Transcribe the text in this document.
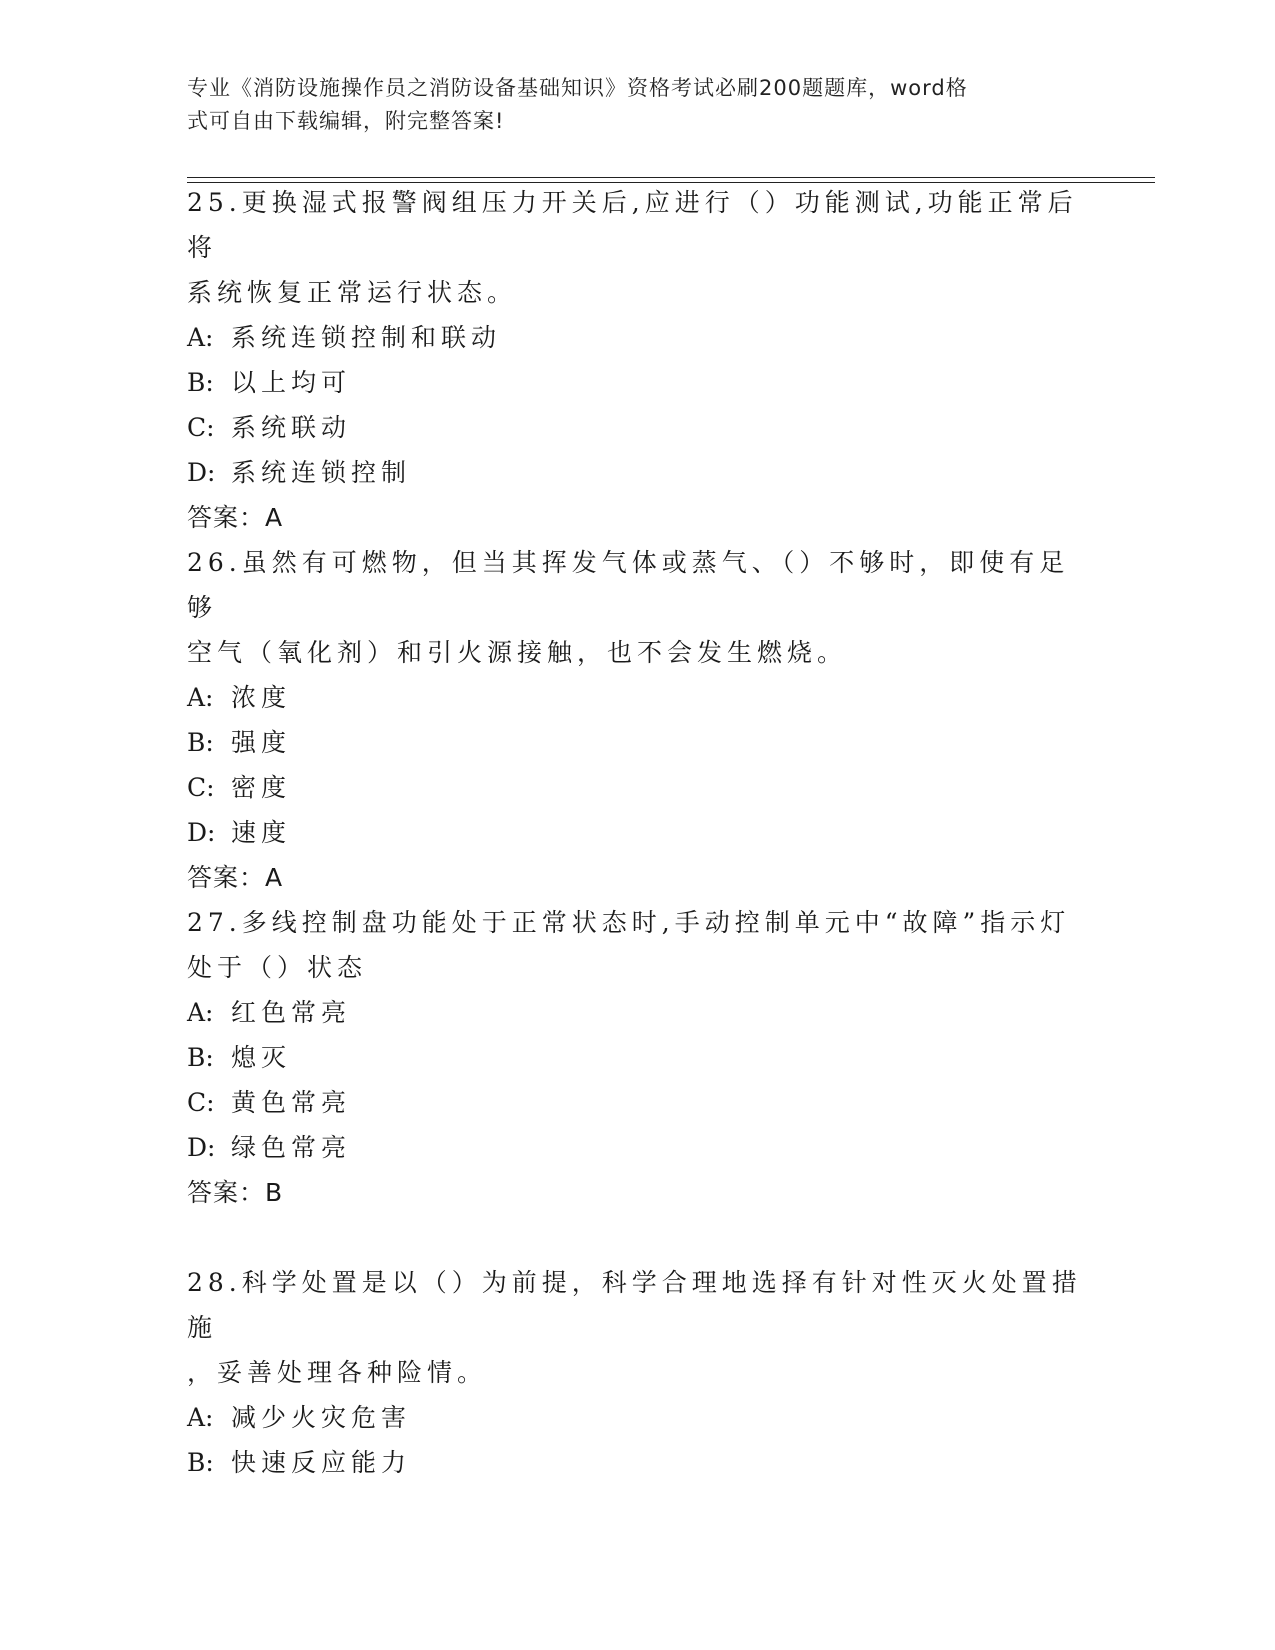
专业《消防设施操作员之消防设备基础知识》资格考试必刷200题题库，word格
式可自由下载编辑，附完整答案!

25.更换湿式报警阀组压力开关后,应进行（）功能测试,功能正常后将

系统恢复正常运行状态。

A: 系统连锁控制和联动

B: 以上均可

C: 系统联动

D: 系统连锁控制

答案：A

26.虽然有可燃物，但当其挥发气体或蒸气、（）不够时，即使有足够

空气（氧化剂）和引火源接触，也不会发生燃烧。

A: 浓度

B: 强度

C: 密度

D: 速度

答案：A

27.多线控制盘功能处于正常状态时,手动控制单元中“故障”指示灯

处于（）状态

A: 红色常亮

B: 熄灭

C: 黄色常亮

D: 绿色常亮

答案：B

28.科学处置是以（）为前提，科学合理地选择有针对性灭火处置措施

，妥善处理各种险情。

A: 减少火灾危害

B: 快速反应能力
